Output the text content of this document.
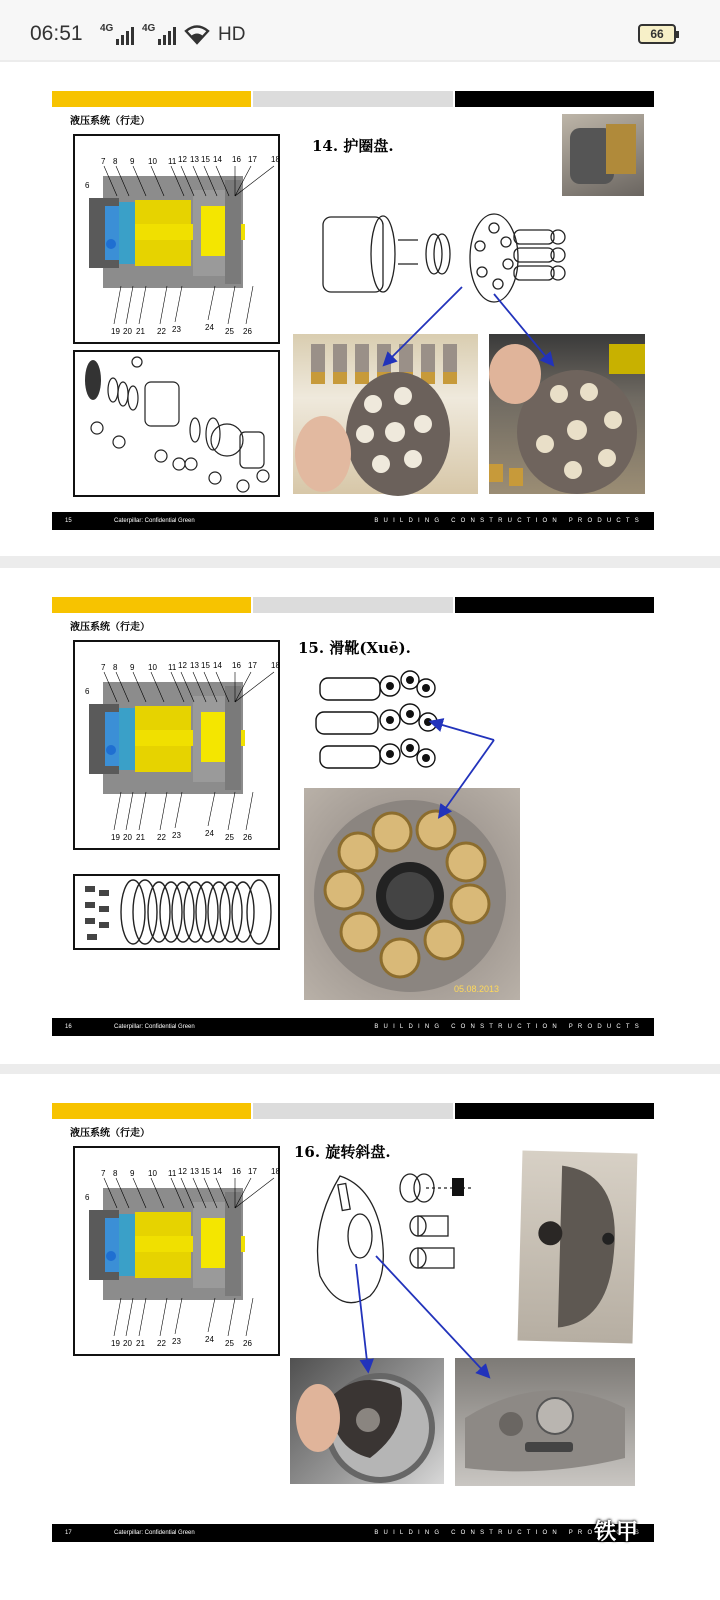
06:51 4G	4G	HD	66
液压系统（行走）
7 8 9 10 11 12 13 15 14 16 17 18
19 20 21 22 23	24 25 26
6
14. 护圈盘.
15	Caterpillar: Confidential Green	BUILDING CONSTRUCTION PRODUCTS
液压系统（行走）
7 8 9 10 11 12 13 15 14 16 17 18
19 20 21 22 23	24 25 26
6
15. 滑靴(Xuē).
05.08.2013
16	Caterpillar: Confidential Green	BUILDING CONSTRUCTION PRODUCTS
液压系统（行走）
7 8 9 10 11 12 13 15 14 16 17 18
19 20 21 22 23	24 25 26
6
16. 旋转斜盘.
17	Caterpillar: Confidential Green	BUILDING CONSTRUCTION PRODUCTS
铁甲
